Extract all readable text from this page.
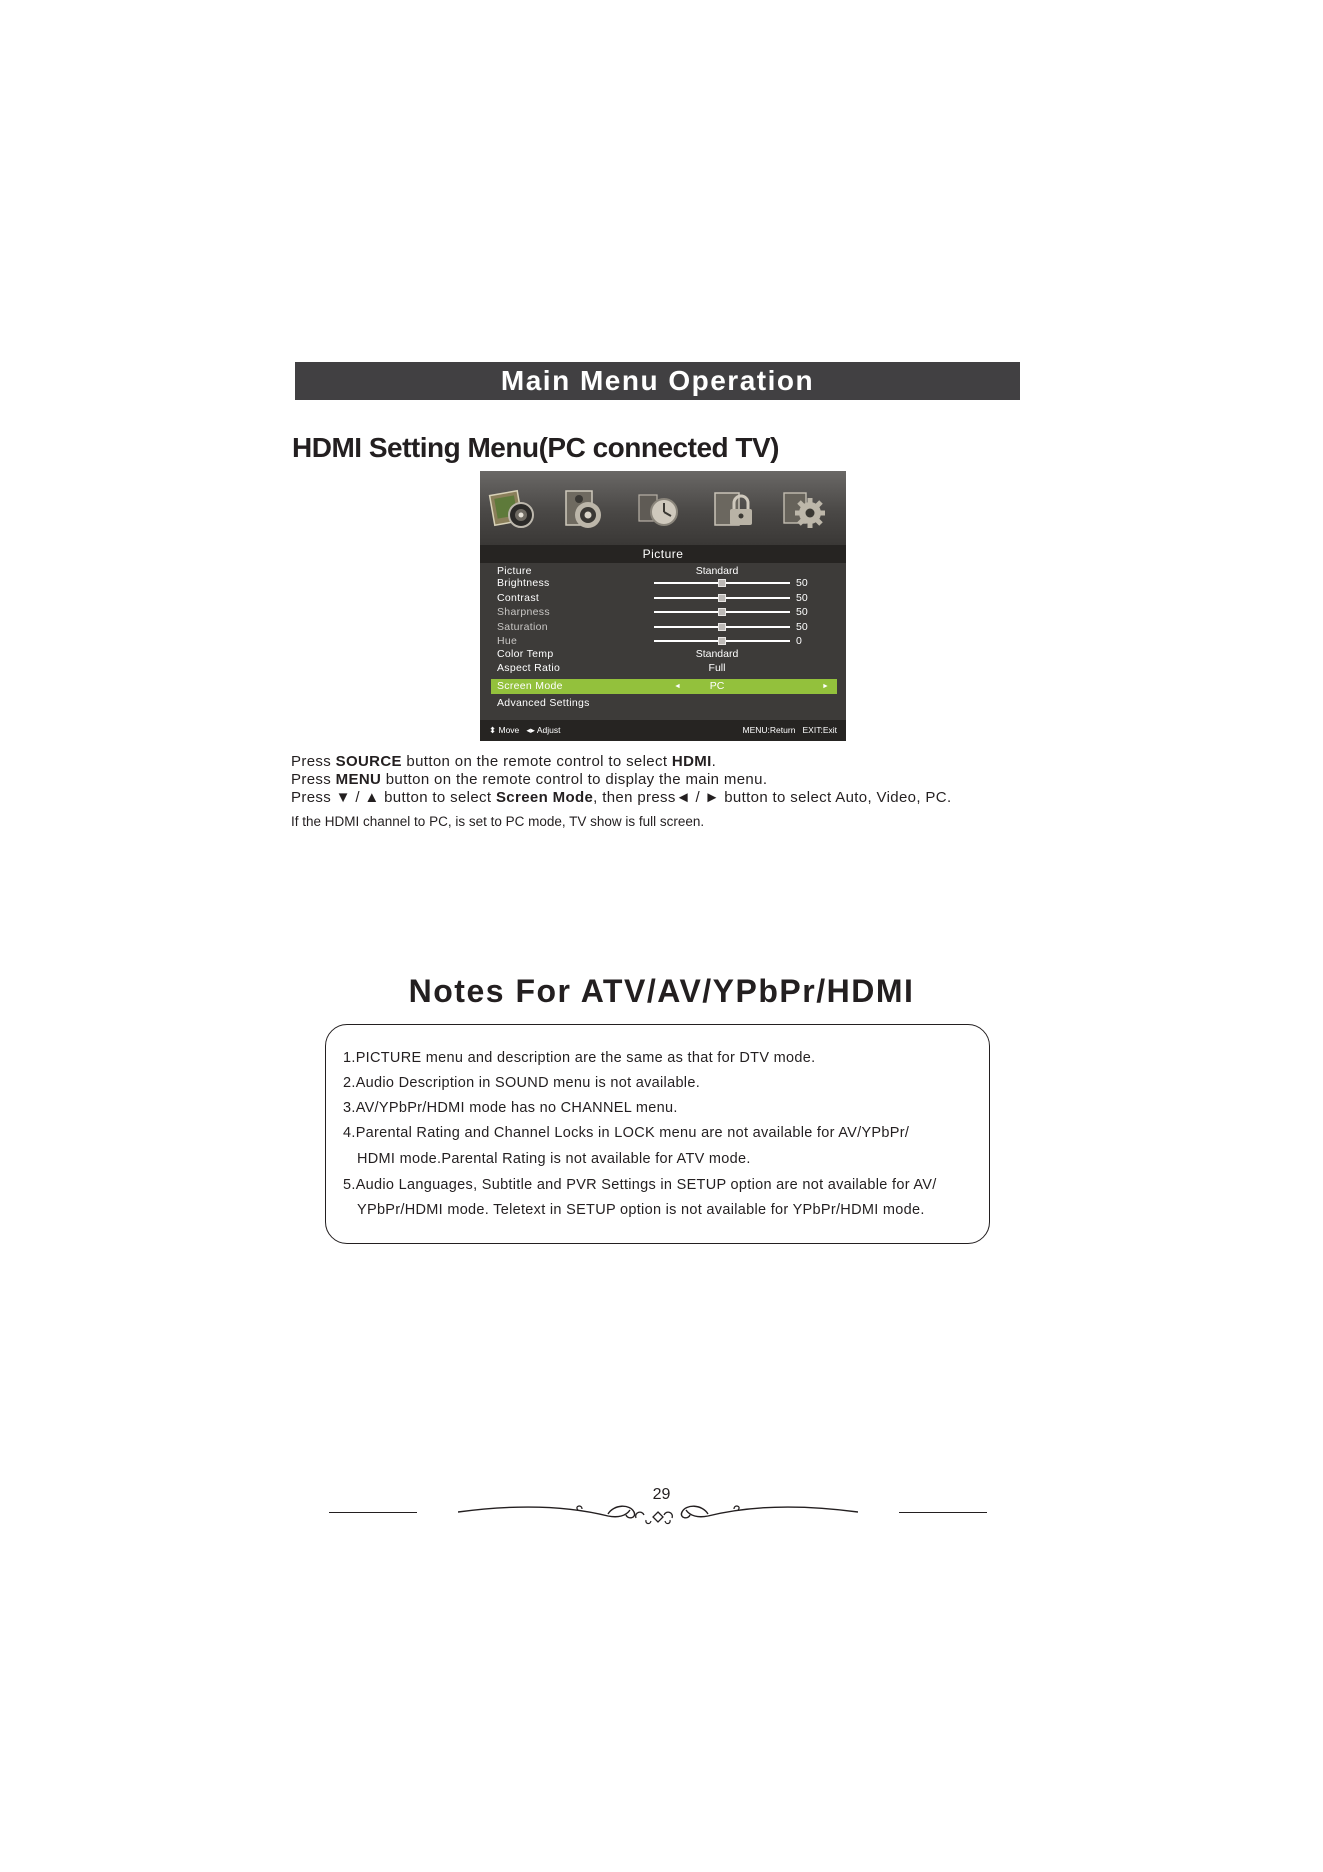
Main Menu Operation
HDMI Setting Menu(PC connected TV)
Picture
Picture	Standard
Brightness	50
Contrast	50
Sharpness	50
Saturation	50
Hue	0
Color Temp	Standard
Aspect Ratio	Full
Screen Mode	◄	PC	►
Advanced Settings
⬍ Move ◂▸ Adjust	MENU:Return EXIT:Exit
Press SOURCE button on the remote control to select HDMI.
Press MENU button on the remote control to display the main menu.
Press ▼ / ▲ button to select Screen Mode, then press◄ / ► button to select Auto, Video, PC.
If the HDMI channel to PC, is set to PC mode, TV show is full screen.
Notes For ATV/AV/YPbPr/HDMI
1.PICTURE menu and description are the same as that for DTV mode.
2.Audio Description in SOUND menu is not available.
3.AV/YPbPr/HDMI mode has no CHANNEL menu.
4.Parental Rating and Channel Locks in LOCK menu are not available for AV/YPbPr/
HDMI mode.Parental Rating is not available for ATV mode.
5.Audio Languages, Subtitle and PVR Settings in SETUP option are not available for AV/
YPbPr/HDMI mode. Teletext in SETUP option is not available for YPbPr/HDMI mode.
29
